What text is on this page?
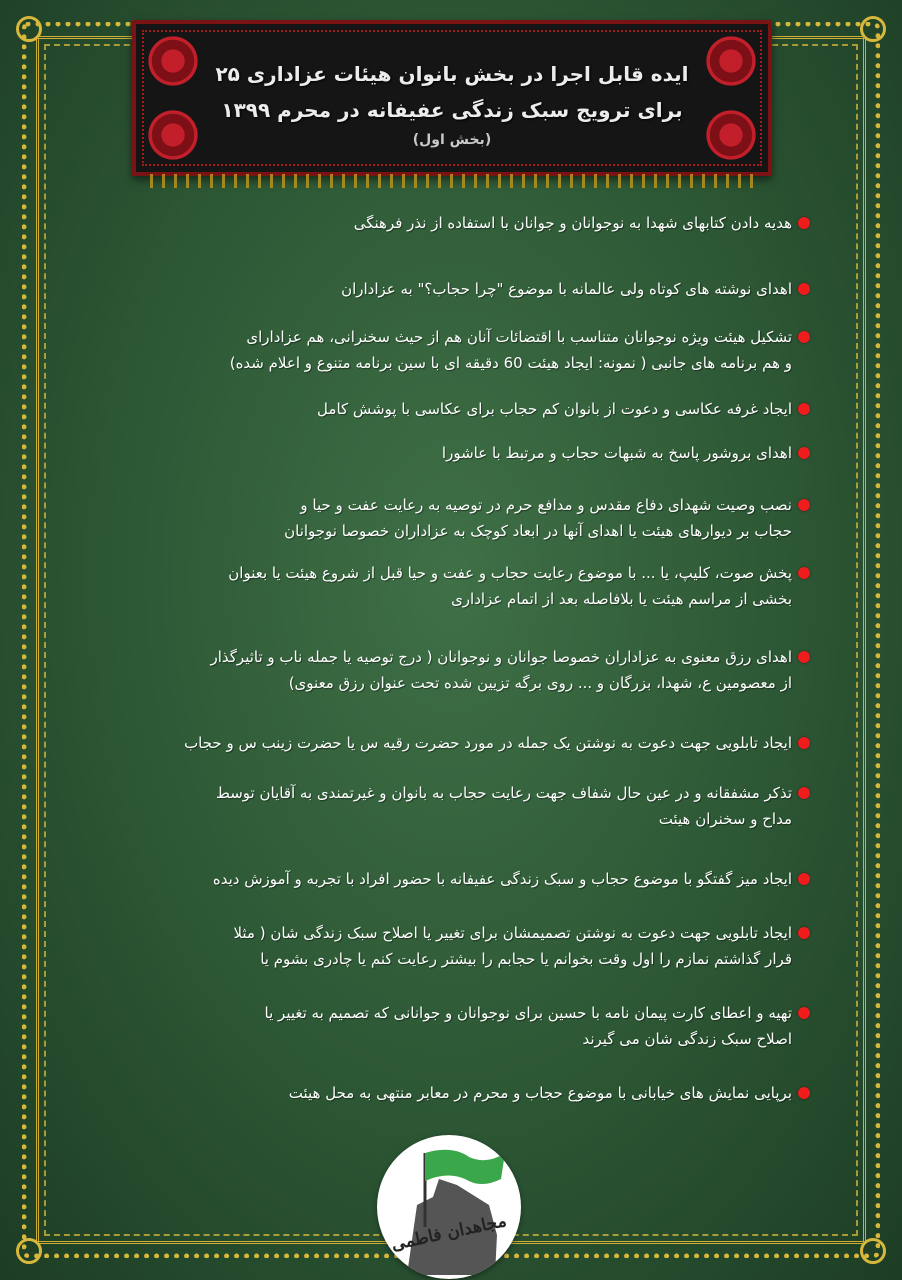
۲۵ ایده قابل اجرا در بخش بانوان هیئات عزاداری
برای ترویج سبک زندگی عفیفانه در محرم ۱۳۹۹
(بخش اول)
هدیه دادن کتابهای شهدا به نوجوانان و جوانان با استفاده از نذر فرهنگی
اهدای نوشته های کوتاه ولی عالمانه با موضوع "چرا حجاب؟" به عزاداران
تشکیل هیئت ویژه نوجوانان متناسب با اقتضائات آنان هم از حیث سخنرانی، هم عزادارای
و هم برنامه های جانبی ( نمونه: ایجاد هیئت 60 دقیقه ای با سین برنامه متنوع و اعلام شده)
ایجاد غرفه عکاسی و دعوت از بانوان کم حجاب برای عکاسی با پوشش کامل
اهدای بروشور پاسخ به شبهات حجاب و مرتبط با عاشورا
نصب وصیت شهدای دفاع مقدس و مدافع حرم در توصیه به رعایت عفت و حیا و
حجاب بر دیوارهای هیئت یا اهدای آنها در ابعاد کوچک به عزاداران خصوصا نوجوانان
پخش صوت، کلیپ، یا ... با موضوع رعایت حجاب و عفت و حیا قبل از شروع هیئت یا بعنوان
بخشی از مراسم هیئت یا بلافاصله بعد از اتمام عزاداری
اهدای رزق معنوی به عزاداران خصوصا جوانان و نوجوانان ( درج توصیه یا جمله ناب و تاثیرگذار
از معصومین ع، شهدا، بزرگان و ... روی برگه تزیین شده تحت عنوان رزق معنوی)
ایجاد تابلویی جهت دعوت به نوشتن یک جمله در مورد حضرت رقیه س یا حضرت زینب س و حجاب
تذکر مشفقانه و در عین حال شفاف جهت رعایت حجاب به بانوان و غیرتمندی به آقایان توسط
مداح و سخنران هیئت
ایجاد میز گفتگو با موضوع حجاب و سبک زندگی عفیفانه با حضور افراد با تجربه و آموزش دیده
ایجاد تابلویی جهت دعوت به نوشتن تصمیمشان برای تغییر یا اصلاح سبک زندگی شان ( مثلا
قرار گذاشتم نمازم را اول وقت بخوانم یا حجابم را بیشتر رعایت کنم یا چادری بشوم یا
تهیه و اعطای کارت پیمان نامه با حسین برای نوجوانان و جوانانی که تصمیم به تغییر یا
اصلاح سبک زندگی شان می گیرند
برپایی نمایش های خیابانی با موضوع حجاب و محرم در معابر منتهی به محل هیئت
مجاهدان فاطمی
